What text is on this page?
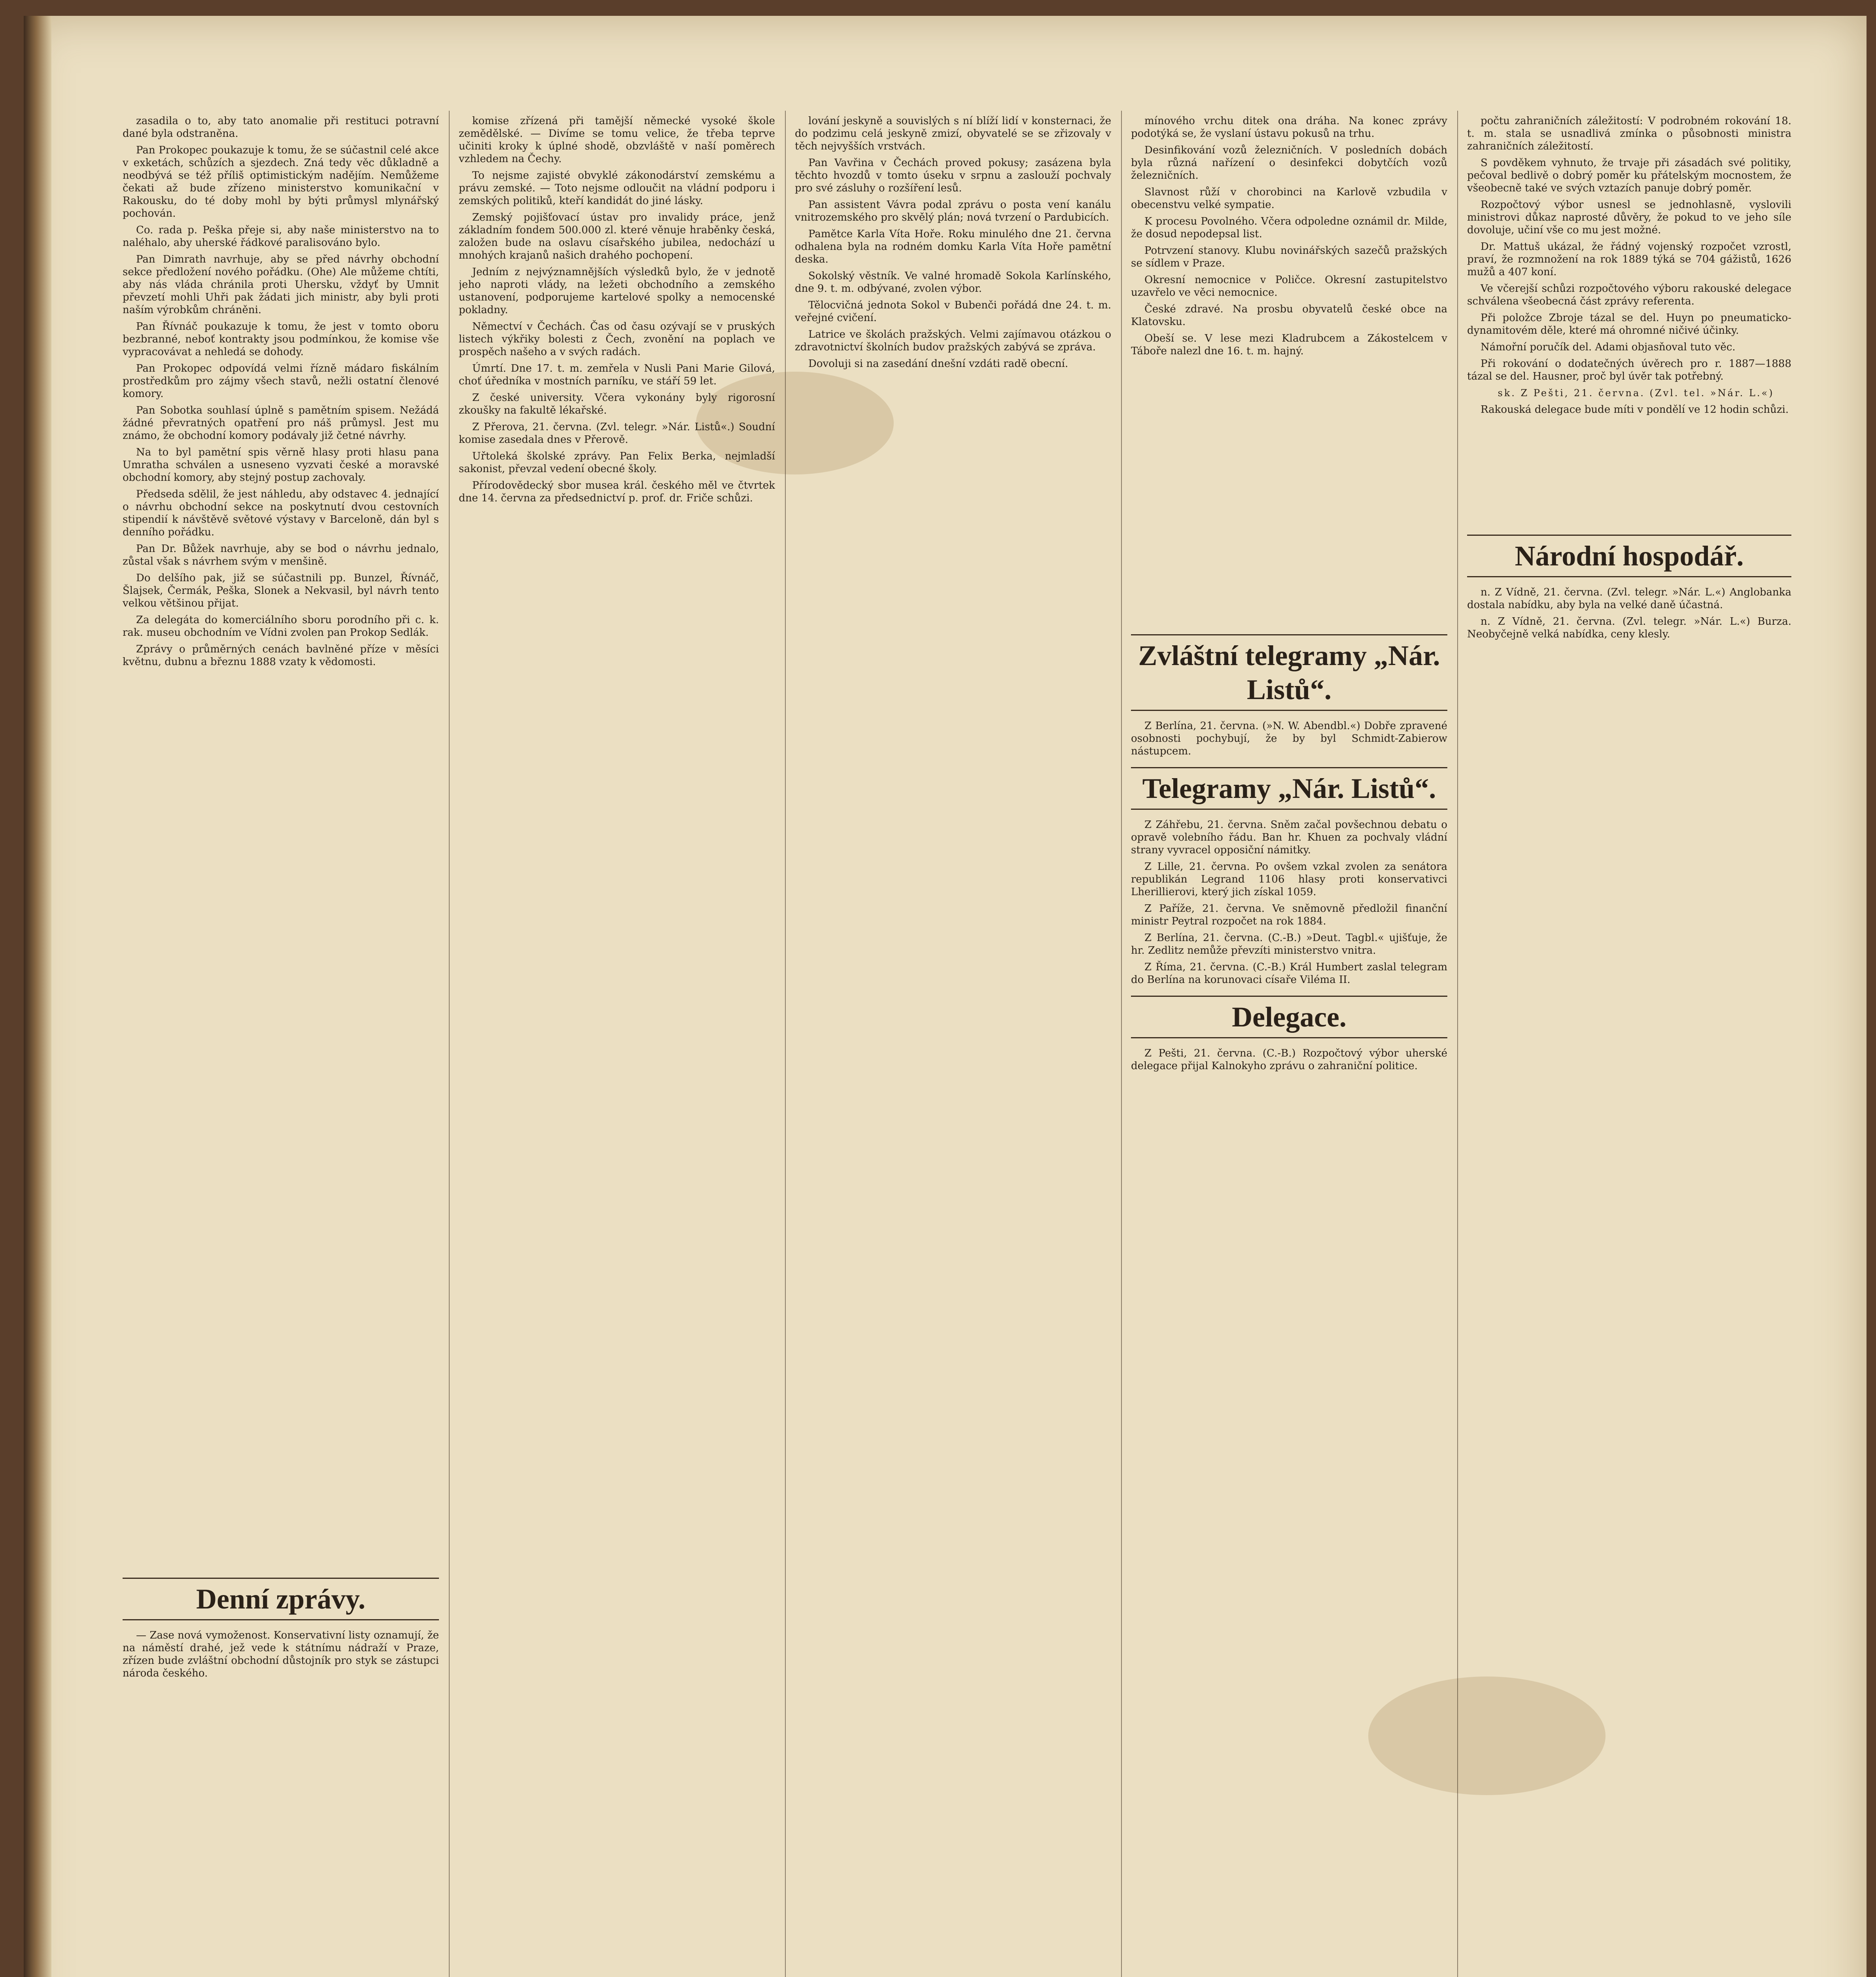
zasadila o to, aby tato anomalie při restituci potravní dané byla odstraněna.

Pan Prokopec poukazuje k tomu, že se súčastnil celé akce v exketách, schůzích a sjezdech. Zná tedy věc důkladně a neodbývá se též příliš optimistickým nadějím. Nemůžeme čekati až bude zřízeno ministerstvo komunikační v Rakousku, do té doby mohl by býti průmysl mlynářský pochován.

Co. rada p. Peška přeje si, aby naše ministerstvo na to naléhalo, aby uherské řádkové paralisováno bylo.

Pan Dimrath navrhuje, aby se před návrhy obchodní sekce předložení nového pořádku. (Ohe) Ale můžeme chtíti, aby nás vláda chránila proti Uhersku, vždyť by Umnit převzetí mohli Uhři pak žádati jich ministr, aby byli proti naším výrobkům chráněni.

Pan Řívnáč poukazuje k tomu, že jest v tomto oboru bezbranné, neboť kontrakty jsou podmínkou, že komise vše vypracovávat a nehledá se dohody.

Pan Prokopec odpovídá velmi řízně mádaro fiskálním prostředkům pro zájmy všech stavů, nežli ostatní členové komory.

Pan Sobotka souhlasí úplně s pamětním spisem. Nežádá žádné převratných opatření pro náš průmysl. Jest mu známo, že obchodní komory podávaly již četné návrhy.

Na to byl pamětní spis věrně hlasy proti hlasu pana Umratha schválen a usneseno vyzvati české a moravské obchodní komory, aby stejný postup zachovaly.

Předseda sdělil, že jest náhledu, aby odstavec 4. jednající o návrhu obchodní sekce na poskytnutí dvou cestovních stipendií k návštěvě světové výstavy v Barceloně, dán byl s denního pořádku.

Pan Dr. Bůžek navrhuje, aby se bod o návrhu jednalo, zůstal však s návrhem svým v menšině.

Do delšího pak, již se súčastnili pp. Bunzel, Řívnáč, Šlajsek, Čermák, Peška, Slonek a Nekvasil, byl návrh tento velkou většinou přijat.

Za delegáta do komerciálního sboru porodního při c. k. rak. museu obchodním ve Vídni zvolen pan Prokop Sedlák.

Zprávy o průměrných cenách bavlněné příze v měsíci květnu, dubnu a březnu 1888 vzaty k vědomosti.

Denní zprávy.

— Zase nová vymoženost. Konservativní listy oznamují, že na náměstí drahé, jež vede k státnímu nádraží v Praze, zřízen bude zvláštní obchodní důstojník pro styk se zástupci národa českého.

komise zřízená při tamější německé vysoké škole zemědělské. — Divíme se tomu velice, že třeba teprve učiniti kroky k úplné shodě, obzvláště v naší poměrech vzhledem na Čechy.

To nejsme zajisté obvyklé zákonodárství zemskému a právu zemské. — Toto nejsme odloučit na vládní podporu i zemských politiků, kteří kandidát do jiné lásky.

Zemský pojišťovací ústav pro invalidy práce, jenž základním fondem 500.000 zl. které věnuje hraběnky česká, založen bude na oslavu císařského jubilea, nedochází u mnohých krajanů našich drahého pochopení.

Jedním z nejvýznamnějších výsledků bylo, že v jednotě jeho naproti vlády, na ležeti obchodního a zemského ustanovení, podporujeme kartelové spolky a nemocenské pokladny.

Němectví v Čechách. Čas od času ozývají se v pruských listech výkřiky bolesti z Čech, zvonění na poplach ve prospěch našeho a v svých radách.

Úmrtí. Dne 17. t. m. zemřela v Nusli Pani Marie Gilová, choť úředníka v mostních parníku, ve stáří 59 let.

Z české university. Včera vykonány byly rigorosní zkoušky na fakultě lékařské.

Z Přerova, 21. června. (Zvl. telegr. »Nár. Listů«.) Soudní komise zasedala dnes v Přerově.

Uřtoleká školské zprávy. Pan Felix Berka, nejmladší sakonist, převzal vedení obecné školy.

Přírodovědecký sbor musea král. českého měl ve čtvrtek dne 14. června za předsednictví p. prof. dr. Friče schůzi.

lování jeskyně a souvislých s ní blíží lidí v konsternaci, že do podzimu celá jeskyně zmizí, obyvatelé se se zřizovaly v těch nejvyšších vrstvách.

Pan Vavřina v Čechách proved pokusy; zasázena byla těchto hvozdů v tomto úseku v srpnu a zaslouží pochvaly pro své zásluhy o rozšíření lesů.

Pan assistent Vávra podal zprávu o posta vení kanálu vnitrozemského pro skvělý plán; nová tvrzení o Pardubicích.

Pamětce Karla Víta Hoře. Roku minulého dne 21. června odhalena byla na rodném domku Karla Víta Hoře pamětní deska.

Sokolský věstník. Ve valné hromadě Sokola Karlínského, dne 9. t. m. odbývané, zvolen výbor.

Tělocvičná jednota Sokol v Bubenči pořádá dne 24. t. m. veřejné cvičení.

Latrice ve školách pražských. Velmi zajímavou otázkou o zdravotnictví školních budov pražských zabývá se zpráva.

Dovoluji si na zasedání dnešní vzdáti radě obecní.

mínového vrchu ditek ona dráha. Na konec zprávy podotýká se, že vyslaní ústavu pokusů na trhu.

Desinfikování vozů železničních. V posledních dobách byla různá nařízení o desinfekci dobytčích vozů železničních.

Slavnost růží v chorobinci na Karlově vzbudila v obecenstvu velké sympatie.

K procesu Povolného. Včera odpoledne oznámil dr. Milde, že dosud nepodepsal list.

Potrvzení stanovy. Klubu novinářských sazečů pražských se sídlem v Praze.

Okresní nemocnice v Poličce. Okresní zastupitelstvo uzavřelo ve věci nemocnice.

České zdravé. Na prosbu obyvatelů české obce na Klatovsku.

Obeší se. V lese mezi Kladrubcem a Zákostelcem v Táboře nalezl dne 16. t. m. hajný.

Zvláštní telegramy „Nár. Listů“.

Z Berlína, 21. června. (»N. W. Abendbl.«) Dobře zpravené osobnosti pochybují, že by byl Schmidt-Zabierow nástupcem.

Telegramy „Nár. Listů“.

Z Záhřebu, 21. června. Sněm začal povšechnou debatu o opravě volebního řádu. Ban hr. Khuen za pochvaly vládní strany vyvracel opposiční námitky.

Z Lille, 21. června. Po ovšem vzkal zvolen za senátora republikán Legrand 1106 hlasy proti konservativci Lherillierovi, který jich získal 1059.

Z Paříže, 21. června. Ve sněmovně předložil finanční ministr Peytral rozpočet na rok 1884.

Z Berlína, 21. června. (C.-B.) »Deut. Tagbl.« ujišťuje, že hr. Zedlitz nemůže převzíti ministerstvo vnitra.

Z Říma, 21. června. (C.-B.) Král Humbert zaslal telegram do Berlína na korunovaci císaře Viléma II.

Delegace.

Z Pešti, 21. června. (C.-B.) Rozpočtový výbor uherské delegace přijal Kalnokyho zprávu o zahraniční politice.

počtu zahraničních záležitostí: V podrobném rokování 18. t. m. stala se usnadlivá zmínka o působnosti ministra zahraničních záležitostí.

S povděkem vyhnuto, že trvaje při zásadách své politiky, pečoval bedlivě o dobrý poměr ku přátelským mocnostem, že všeobecně také ve svých vztazích panuje dobrý poměr.

Rozpočtový výbor usnesl se jednohlasně, vyslovili ministrovi důkaz naprosté důvěry, že pokud to ve jeho síle dovoluje, učiní vše co mu jest možné.

Dr. Mattuš ukázal, že řádný vojenský rozpočet vzrostl, praví, že rozmnožení na rok 1889 týká se 704 gážistů, 1626 mužů a 407 koní.

Ve včerejší schůzi rozpočtového výboru rakouské delegace schválena všeobecná část zprávy referenta.

Při položce Zbroje tázal se del. Huyn po pneumaticko-dynamitovém děle, které má ohromné ničivé účinky.

Námořní poručík del. Adami objasňoval tuto věc.

Při rokování o dodatečných úvěrech pro r. 1887—1888 tázal se del. Hausner, proč byl úvěr tak potřebný.

sk. Z Pešti, 21. června. (Zvl. tel. »Nár. L.«)

Rakouská delegace bude míti v pondělí ve 12 hodin schůzi.

Národní hospodář.

n. Z Vídně, 21. června. (Zvl. telegr. »Nár. L.«) Anglobanka dostala nabídku, aby byla na velké daně účastná.

n. Z Vídně, 21. června. (Zvl. telegr. »Nár. L.«) Burza. Neobyčejně velká nabídka, ceny klesly.
